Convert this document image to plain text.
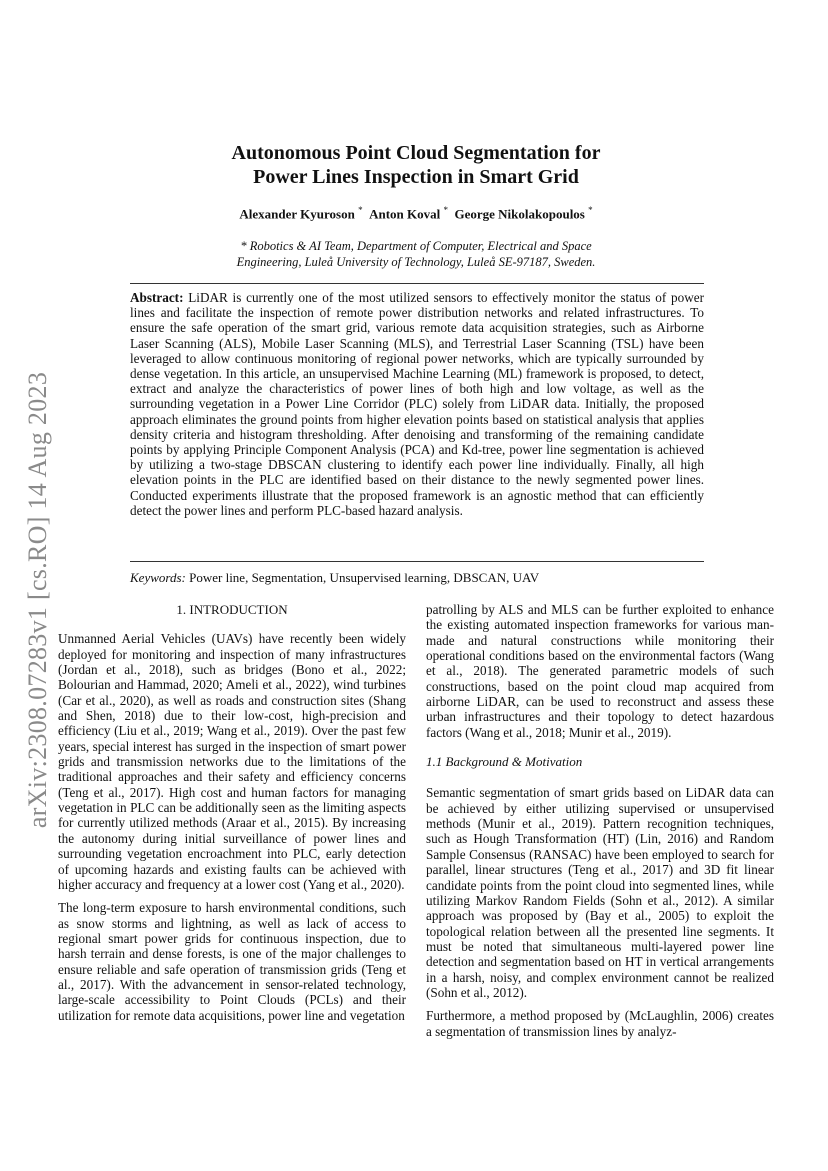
arXiv:2308.07283v1 [cs.RO] 14 Aug 2023
Autonomous Point Cloud Segmentation for
Power Lines Inspection in Smart Grid
Alexander Kyuroson * Anton Koval * George Nikolakopoulos *
* Robotics & AI Team, Department of Computer, Electrical and Space
Engineering, Luleå University of Technology, Luleå SE-97187, Sweden.
Abstract: LiDAR is currently one of the most utilized sensors to effectively monitor the status of power lines and facilitate the inspection of remote power distribution networks and related infrastructures. To ensure the safe operation of the smart grid, various remote data acquisition strategies, such as Airborne Laser Scanning (ALS), Mobile Laser Scanning (MLS), and Terrestrial Laser Scanning (TSL) have been leveraged to allow continuous monitoring of regional power networks, which are typically surrounded by dense vegetation. In this article, an unsupervised Machine Learning (ML) framework is proposed, to detect, extract and analyze the characteristics of power lines of both high and low voltage, as well as the surrounding vegetation in a Power Line Corridor (PLC) solely from LiDAR data. Initially, the proposed approach eliminates the ground points from higher elevation points based on statistical analysis that applies density criteria and histogram thresholding. After denoising and transforming of the remaining candidate points by applying Principle Component Analysis (PCA) and Kd-tree, power line segmentation is achieved by utilizing a two-stage DBSCAN clustering to identify each power line individually. Finally, all high elevation points in the PLC are identified based on their distance to the newly segmented power lines. Conducted experiments illustrate that the proposed framework is an agnostic method that can efficiently detect the power lines and perform PLC-based hazard analysis.
Keywords: Power line, Segmentation, Unsupervised learning, DBSCAN, UAV
1. INTRODUCTION

Unmanned Aerial Vehicles (UAVs) have recently been widely deployed for monitoring and inspection of many infrastructures (Jordan et al., 2018), such as bridges (Bono et al., 2022; Bolourian and Hammad, 2020; Ameli et al., 2022), wind turbines (Car et al., 2020), as well as roads and construction sites (Shang and Shen, 2018) due to their low-cost, high-precision and efficiency (Liu et al., 2019; Wang et al., 2019). Over the past few years, special interest has surged in the inspection of smart power grids and transmission networks due to the limitations of the traditional approaches and their safety and efficiency concerns (Teng et al., 2017). High cost and human factors for managing vegetation in PLC can be additionally seen as the limiting aspects for currently utilized methods (Araar et al., 2015). By increasing the autonomy during initial surveillance of power lines and surrounding vegetation encroachment into PLC, early detection of upcoming hazards and existing faults can be achieved with higher accuracy and frequency at a lower cost (Yang et al., 2020).

The long-term exposure to harsh environmental conditions, such as snow storms and lightning, as well as lack of access to regional smart power grids for continuous inspection, due to harsh terrain and dense forests, is one of the major challenges to ensure reliable and safe operation of transmission grids (Teng et al., 2017). With the advancement in sensor-related technology, large-scale accessibility to Point Clouds (PCLs) and their utilization for remote data acquisitions, power line and vegetation

patrolling by ALS and MLS can be further exploited to enhance the existing automated inspection frameworks for various man-made and natural constructions while monitoring their operational conditions based on the environmental factors (Wang et al., 2018). The generated parametric models of such constructions, based on the point cloud map acquired from airborne LiDAR, can be used to reconstruct and assess these urban infrastructures and their topology to detect hazardous factors (Wang et al., 2018; Munir et al., 2019).

1.1 Background & Motivation

Semantic segmentation of smart grids based on LiDAR data can be achieved by either utilizing supervised or unsupervised methods (Munir et al., 2019). Pattern recognition techniques, such as Hough Transformation (HT) (Lin, 2016) and Random Sample Consensus (RANSAC) have been employed to search for parallel, linear structures (Teng et al., 2017) and 3D fit linear candidate points from the point cloud into segmented lines, while utilizing Markov Random Fields (Sohn et al., 2012). A similar approach was proposed by (Bay et al., 2005) to exploit the topological relation between all the presented line segments. It must be noted that simultaneous multi-layered power line detection and segmentation based on HT in vertical arrangements in a harsh, noisy, and complex environment cannot be realized (Sohn et al., 2012).

Furthermore, a method proposed by (McLaughlin, 2006) creates a segmentation of transmission lines by analyz-
